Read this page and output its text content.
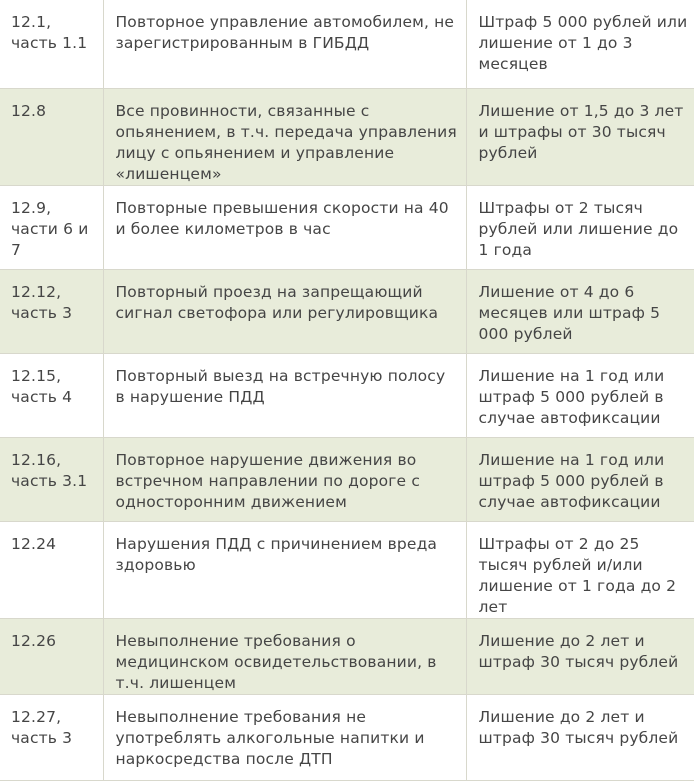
12.1, часть 1.1	Повторное управление автомобилем, не зарегистрированным в ГИБДД	Штраф 5 000 рублей или лишение от 1 до 3 месяцев
12.8	Все провинности, связанные с опьянением, в т.ч. передача управления лицу с опьянением и управление «лишенцем»	Лишение от 1,5 до 3 лет и штрафы от 30 тысяч рублей
12.9, части 6 и 7	Повторные превышения скорости на 40 и более километров в час	Штрафы от 2 тысяч рублей или лишение до 1 года
12.12, часть 3	Повторный проезд на запрещающий сигнал светофора или регулировщика	Лишение от 4 до 6 месяцев или штраф 5 000 рублей
12.15, часть 4	Повторный выезд на встречную полосу в нарушение ПДД	Лишение на 1 год или штраф 5 000 рублей в случае автофиксации
12.16, часть 3.1	Повторное нарушение движения во встречном направлении по дороге с односторонним движением	Лишение на 1 год или штраф 5 000 рублей в случае автофиксации
12.24	Нарушения ПДД с причинением вреда здоровью	Штрафы от 2 до 25 тысяч рублей и/или лишение от 1 года до 2 лет
12.26	Невыполнение требования о медицинском освидетельствовании, в т.ч. лишенцем	Лишение до 2 лет и штраф 30 тысяч рублей
12.27, часть 3	Невыполнение требования не употреблять алкогольные напитки и наркосредства после ДТП	Лишение до 2 лет и штраф 30 тысяч рублей
